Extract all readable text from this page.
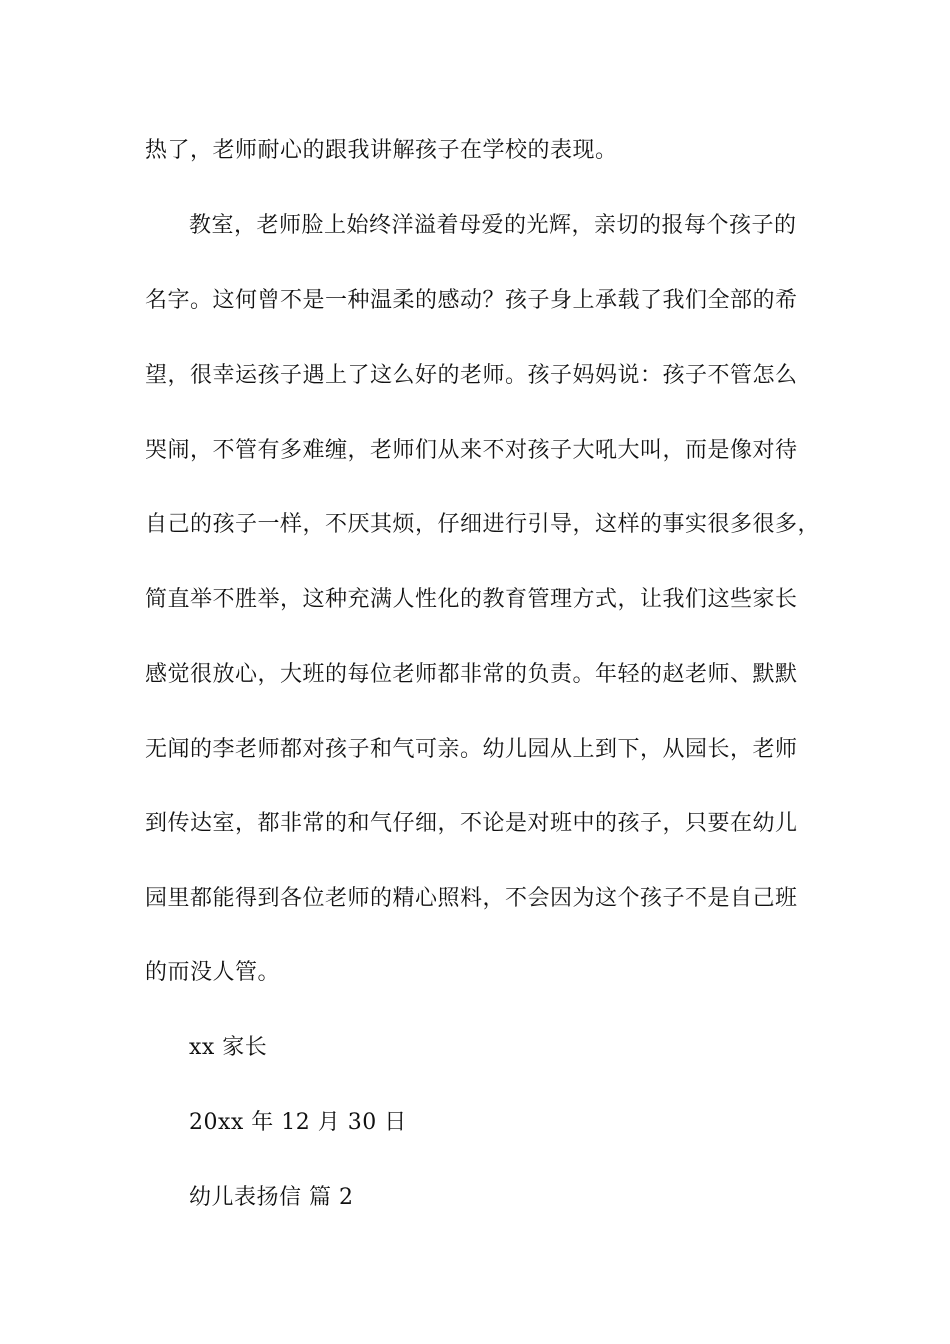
热了，老师耐心的跟我讲解孩子在学校的表现。
教室，老师脸上始终洋溢着母爱的光辉，亲切的报每个孩子的
名字。这何曾不是一种温柔的感动？孩子身上承载了我们全部的希
望，很幸运孩子遇上了这么好的老师。孩子妈妈说：孩子不管怎么
哭闹，不管有多难缠，老师们从来不对孩子大吼大叫，而是像对待
自己的孩子一样，不厌其烦，仔细进行引导，这样的事实很多很多，
简直举不胜举，这种充满人性化的教育管理方式，让我们这些家长
感觉很放心，大班的每位老师都非常的负责。年轻的赵老师、默默
无闻的李老师都对孩子和气可亲。幼儿园从上到下，从园长，老师
到传达室，都非常的和气仔细，不论是对班中的孩子，只要在幼儿
园里都能得到各位老师的精心照料，不会因为这个孩子不是自己班
的而没人管。
xx 家长
20xx 年 12 月 30 日
幼儿表扬信 篇 2
